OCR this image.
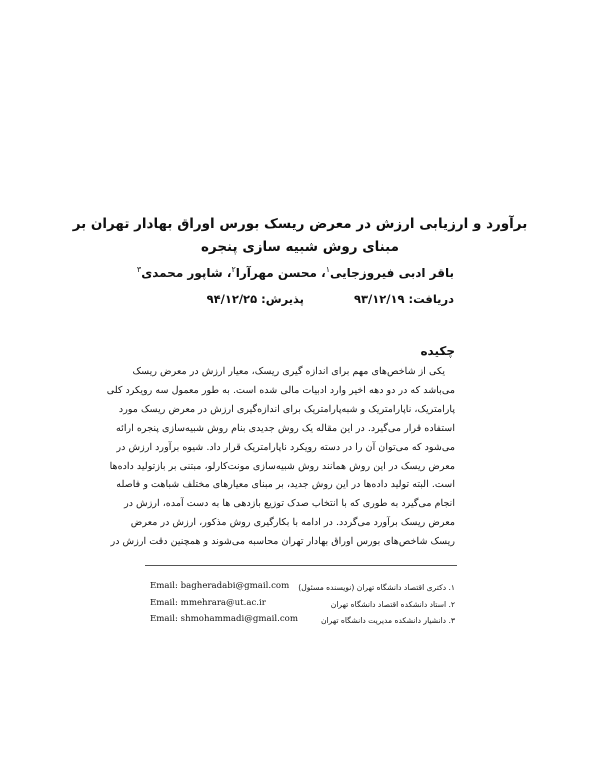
برآورد و ارزیابی ارزش در معرض ریسک بورس اوراق بهادار تهران بر
مبنای روش شبیه سازی پنجره
باقر ادبی فیروزجایی$^۱$، محسن مهرآرا$^۲$، شاپور محمدی$^۳$
دریافت: ۹۳/۱۲/۱۹
پذیرش: ۹۴/۱۲/۲۵
چکیده
یکی از شاخص‌های مهم برای اندازه گیری ریسک، معیار ارزش در معرض ریسک
می‌باشد که در دو دهه اخیر وارد ادبیات مالی شده است. به طور معمول سه رویکرد کلی
پارامتریک، ناپارامتریک و شبه‌پارامتریک برای اندازه‌گیری ارزش در معرض ریسک مورد
استفاده قرار می‌گیرد. در این مقاله یک روش جدیدی بنام روش شبیه‌سازی پنجره ارائه
می‌شود که می‌توان آن را در دسته رویکرد ناپارامتریک قرار داد. شیوه برآورد ارزش در
معرض ریسک در این روش همانند روش شبیه‌سازی مونت‌کارلو، مبتنی بر بازتولید داده‌ها
است. البته تولید داده‌ها در این روش جدید، بر مبنای معیارهای مختلف شباهت و فاصله
انجام می‌گیرد به طوری که با انتخاب صدک توزیع بازدهی ها به دست آمده، ارزش در
معرض ریسک برآورد می‌گردد. در ادامه با بکارگیری روش مذکور، ارزش در معرض
ریسک شاخص‌های بورس اوراق بهادار تهران محاسبه می‌شوند و همچنین دقت ارزش در
Email: bagheradabi@gmail.com
Email: mmehrara@ut.ac.ir
Email: shmohammadi@gmail.com
۱. دکتری اقتصاد دانشگاه تهران (نویسنده مسئول)
۲. استاد دانشکده اقتصاد دانشگاه تهران
۳. دانشیار دانشکده مدیریت دانشگاه تهران
